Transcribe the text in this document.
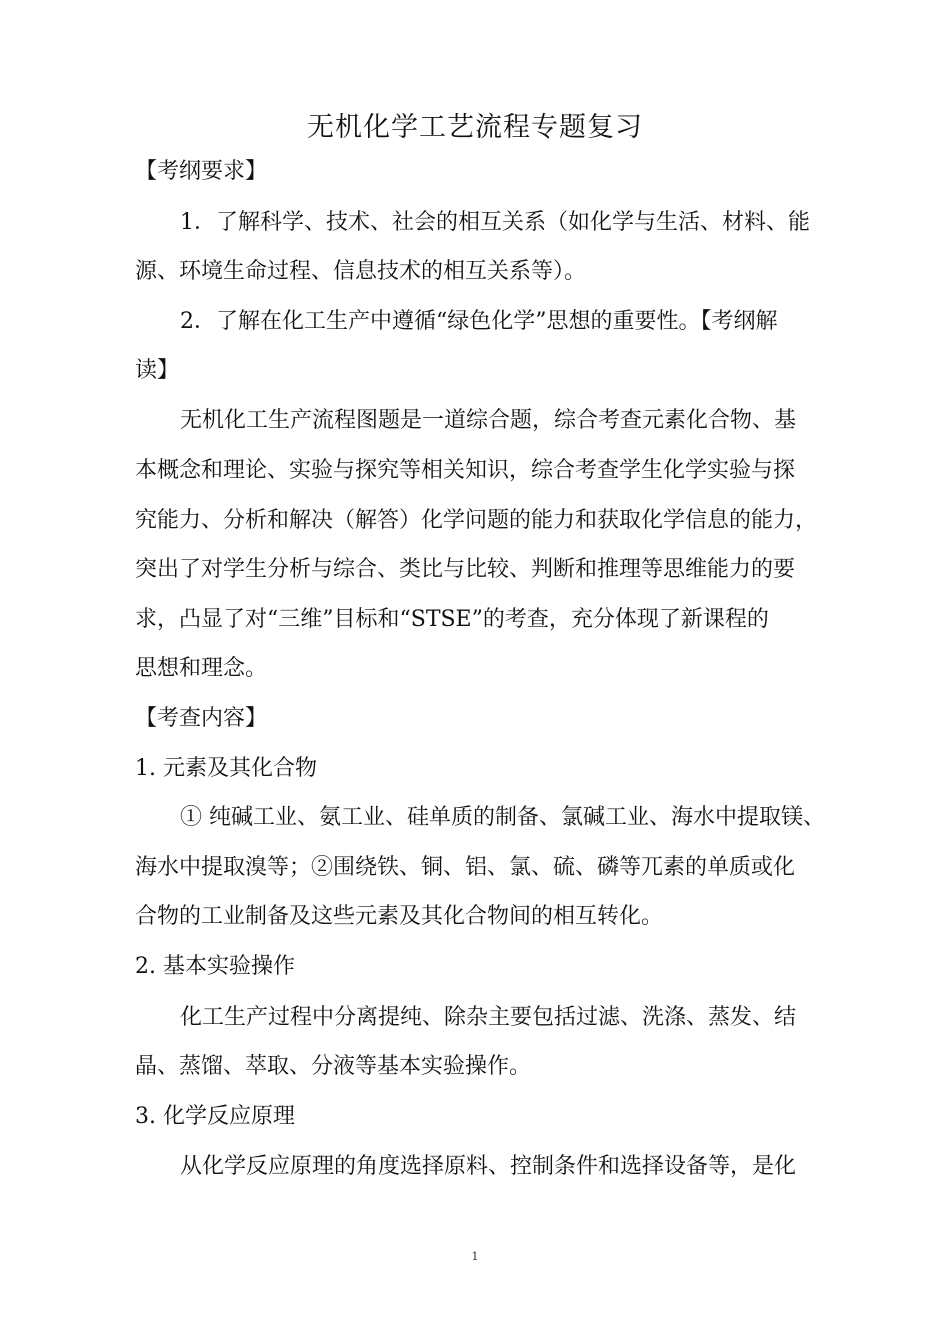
无机化学工艺流程专题复习

【考纲要求】

1．了解科学、技术、社会的相互关系（如化学与生活、材料、能

源、环境生命过程、信息技术的相互关系等）。

2．了解在化工生产中遵循“绿色化学”思想的重要性。【考纲解

读】

无机化工生产流程图题是一道综合题，综合考查元素化合物、基

本概念和理论、实验与探究等相关知识，综合考查学生化学实验与探

究能力、分析和解决（解答）化学问题的能力和获取化学信息的能力，

突出了对学生分析与综合、类比与比较、判断和推理等思维能力的要

求，凸显了对“三维”目标和“STSE”的考查，充分体现了新课程的

思想和理念。

【考查内容】

1. 元素及其化合物

① 纯碱工业、氨工业、硅单质的制备、氯碱工业、海水中提取镁、

海水中提取溴等；②围绕铁、铜、铝、氯、硫、磷等兀素的单质或化

合物的工业制备及这些元素及其化合物间的相互转化。

2. 基本实验操作

化工生产过程中分离提纯、除杂主要包括过滤、洗涤、蒸发、结

晶、蒸馏、萃取、分液等基本实验操作。

3. 化学反应原理

从化学反应原理的角度选择原料、控制条件和选择设备等，是化

1
